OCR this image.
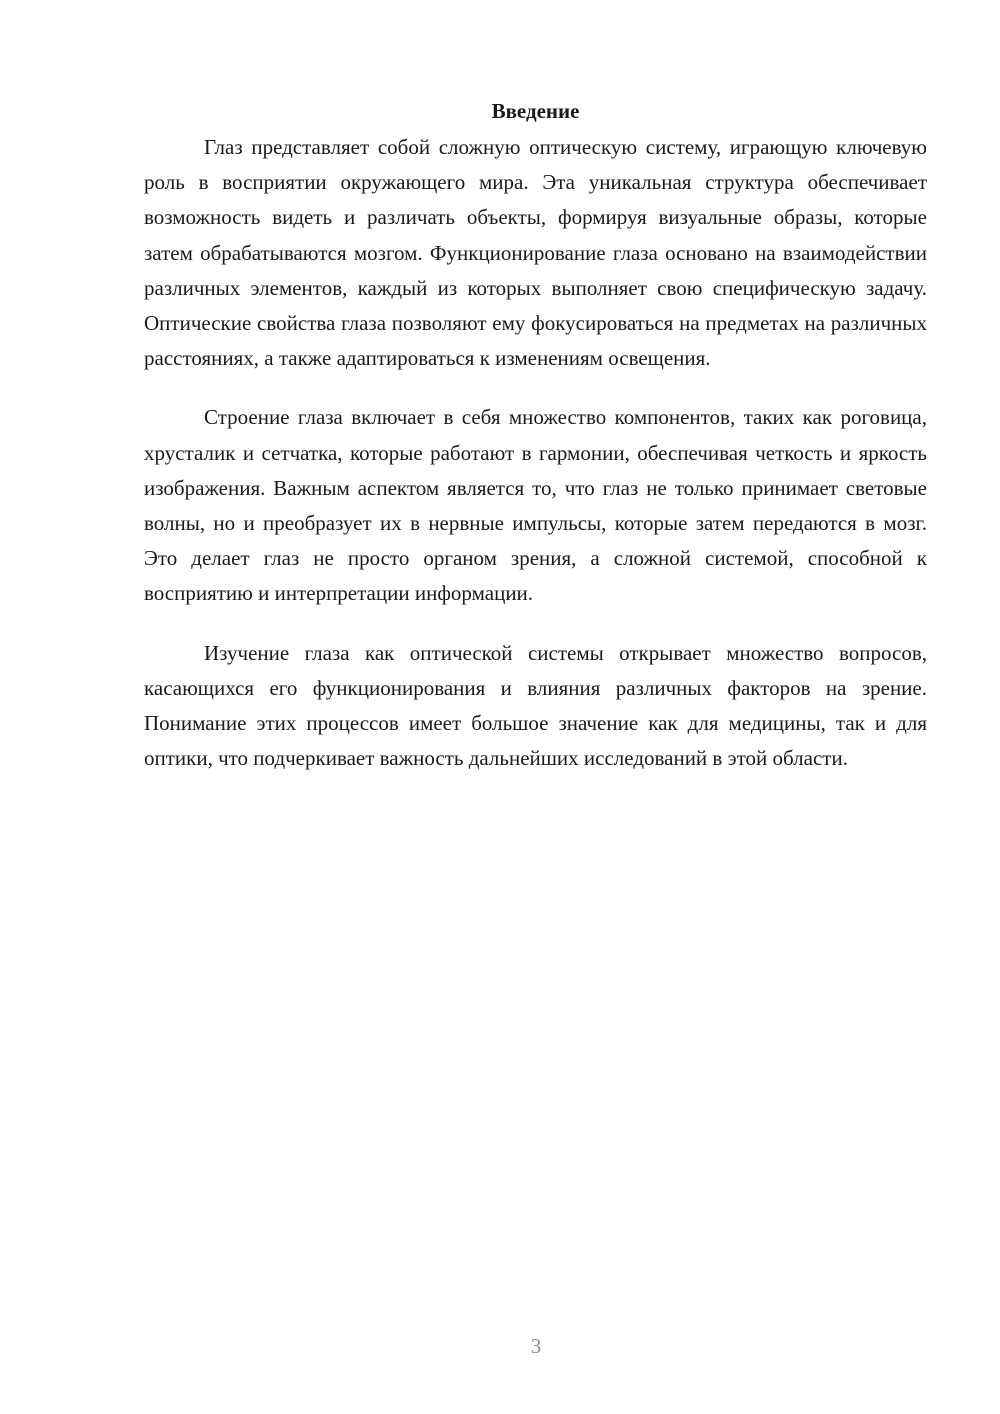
Введение

Глаз представляет собой сложную оптическую систему, играющую ключевую роль в восприятии окружающего мира. Эта уникальная структура обеспечивает возможность видеть и различать объекты, формируя визуальные образы, которые затем обрабатываются мозгом. Функционирование глаза основано на взаимодействии различных элементов, каждый из которых выполняет свою специфическую задачу. Оптические свойства глаза позволяют ему фокусироваться на предметах на различных расстояниях, а также адаптироваться к изменениям освещения.

Строение глаза включает в себя множество компонентов, таких как роговица, хрусталик и сетчатка, которые работают в гармонии, обеспечивая четкость и яркость изображения. Важным аспектом является то, что глаз не только принимает световые волны, но и преобразует их в нервные импульсы, которые затем передаются в мозг. Это делает глаз не просто органом зрения, а сложной системой, способной к восприятию и интерпретации информации.

Изучение глаза как оптической системы открывает множество вопросов, касающихся его функционирования и влияния различных факторов на зрение. Понимание этих процессов имеет большое значение как для медицины, так и для оптики, что подчеркивает важность дальнейших исследований в этой области.

3
